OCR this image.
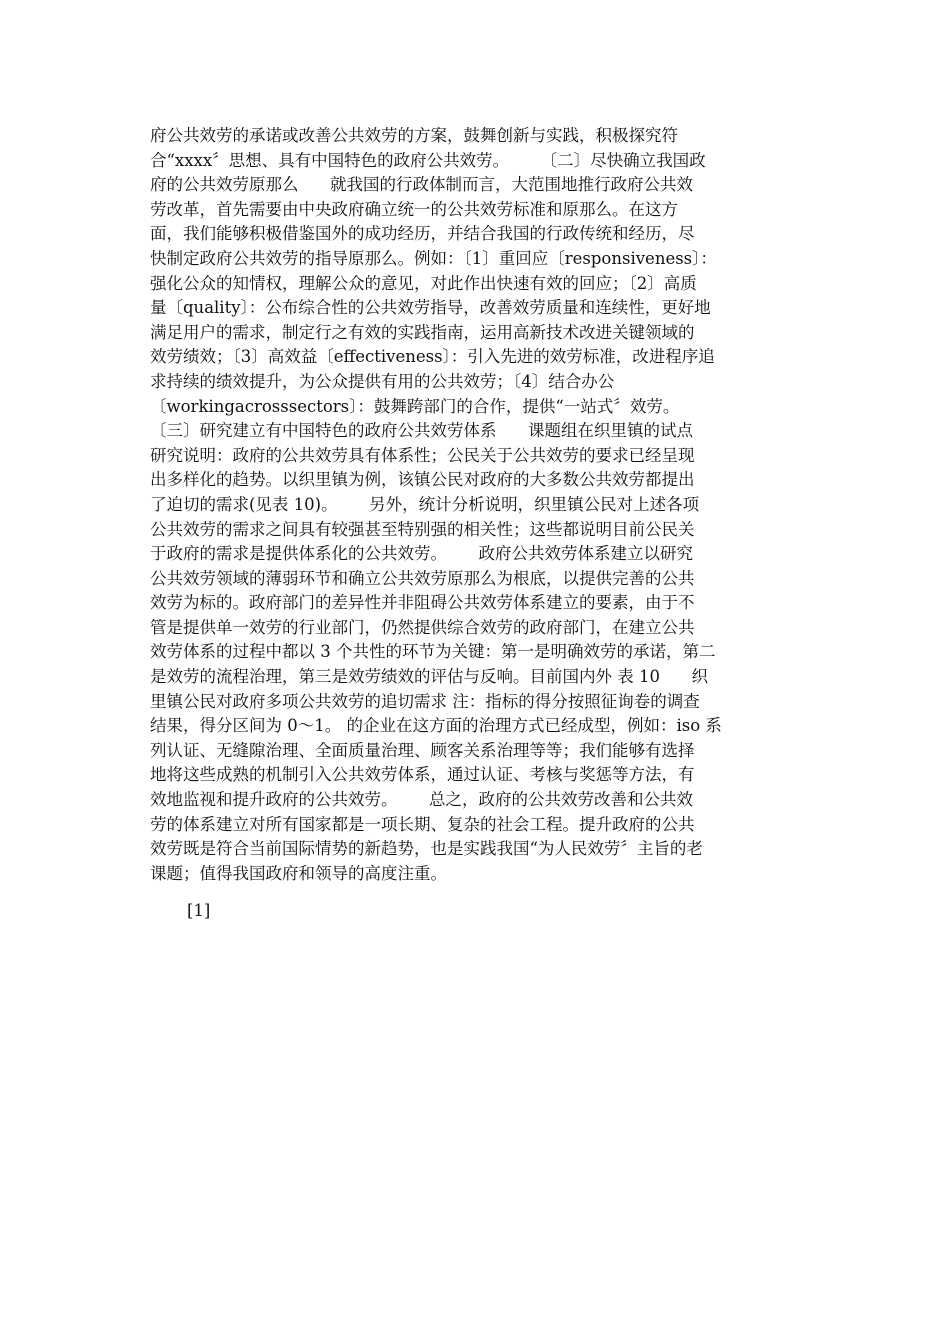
府公共效劳的承诺或改善公共效劳的方案，鼓舞创新与实践，积极探究符
合“xxxx〞思想、具有中国特色的政府公共效劳。      〔二〕尽快确立我国政
府的公共效劳原那么      就我国的行政体制而言，大范围地推行政府公共效
劳改革，首先需要由中央政府确立统一的公共效劳标准和原那么。在这方
面，我们能够积极借鉴国外的成功经历，并结合我国的行政传统和经历，尽
快制定政府公共效劳的指导原那么。例如：〔1〕重回应〔responsiveness〕：
强化公众的知情权，理解公众的意见，对此作出快速有效的回应；〔2〕高质
量〔quality〕：公布综合性的公共效劳指导，改善效劳质量和连续性，更好地
满足用户的需求，制定行之有效的实践指南，运用高新技术改进关键领域的
效劳绩效；〔3〕高效益〔effectiveness〕：引入先进的效劳标准，改进程序追
求持续的绩效提升，为公众提供有用的公共效劳；〔4〕结合办公
〔workingacrosssectors〕：鼓舞跨部门的合作，提供“一站式〞效劳。
〔三〕研究建立有中国特色的政府公共效劳体系      课题组在织里镇的试点
研究说明：政府的公共效劳具有体系性；公民关于公共效劳的要求已经呈现
出多样化的趋势。以织里镇为例，该镇公民对政府的大多数公共效劳都提出
了迫切的需求(见表 10)。      另外，统计分析说明，织里镇公民对上述各项
公共效劳的需求之间具有较强甚至特别强的相关性；这些都说明目前公民关
于政府的需求是提供体系化的公共效劳。      政府公共效劳体系建立以研究
公共效劳领域的薄弱环节和确立公共效劳原那么为根底，以提供完善的公共
效劳为标的。政府部门的差异性并非阻碍公共效劳体系建立的要素，由于不
管是提供单一效劳的行业部门，仍然提供综合效劳的政府部门，在建立公共
效劳体系的过程中都以 3 个共性的环节为关键：第一是明确效劳的承诺，第二
是效劳的流程治理，第三是效劳绩效的评估与反响。目前国内外 表 10      织
里镇公民对政府多项公共效劳的追切需求 注：指标的得分按照征询卷的调查
结果，得分区间为 0～1。 的企业在这方面的治理方式已经成型，例如：iso 系
列认证、无缝隙治理、全面质量治理、顾客关系治理等等；我们能够有选择
地将这些成熟的机制引入公共效劳体系，通过认证、考核与奖惩等方法，有
效地监视和提升政府的公共效劳。      总之，政府的公共效劳改善和公共效
劳的体系建立对所有国家都是一项长期、复杂的社会工程。提升政府的公共
效劳既是符合当前国际情势的新趋势，也是实践我国“为人民效劳〞主旨的老
课题；值得我国政府和领导的高度注重。
[1]
